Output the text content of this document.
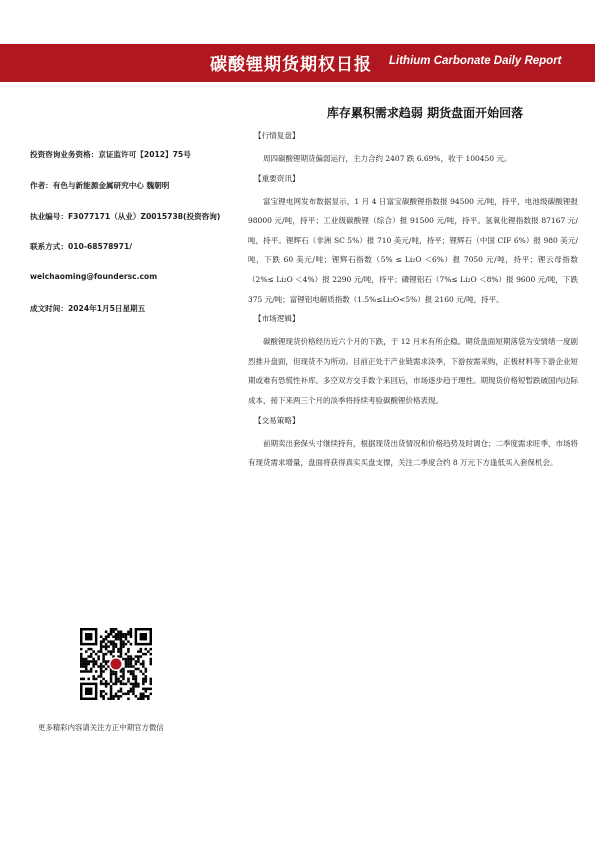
碳酸锂期货期权日报 Lithium Carbonate Daily Report
库存累积需求趋弱 期货盘面开始回落
投资咨询业务资格：京证监许可【2012】75号
作者：有色与新能源金属研究中心 魏朝明
执业编号：F3077171（从业）Z0015738(投资咨询)
联系方式：010-68578971/
weichaoming@foundersc.com
成文时间：2024年1月5日星期五
【行情复盘】

周四碳酸锂期货偏弱运行，主力合约 2407 跌 6.69%，收于 100450 元。

【重要资讯】

富宝锂电网发布数据显示，1 月 4 日富宝碳酸锂指数报 94500 元/吨，持平，电池级碳酸锂报 98000 元/吨，持平；工业级碳酸锂（综合）报 91500 元/吨，持平。氢氧化锂指数报 87167 元/吨，持平。锂辉石（非洲 SC 5%）报 710 美元/吨，持平；锂辉石（中国 CIF 6%）报 980 美元/吨，下跌 60 美元/吨；锂辉石指数（5% ≤ Li₂O ＜6%）报 7050 元/吨，持平；锂云母指数（2%≤ Li₂O ＜4%）报 2290 元/吨，持平；磷锂铝石（7%≤ Li₂O ＜8%）报 9600 元/吨，下跌 375 元/吨；富锂铝电解质指数（1.5%≤Li₂O<5%）报 2160 元/吨，持平。

【市场逻辑】

碳酸锂现货价格经历近六个月的下跌，于 12 月末有所企稳。期货盘面短期落袋为安情绪一度剧烈推升盘面，但现货不为所动。目前正处于产业链需求淡季，下游按需采购，正极材料等下游企业短期或难有恐慌性补库。多空双方交手数个来回后，市场逐步趋于理性。期现货价格短暂跌破国内边际成本，接下来两三个月的淡季将持续考验碳酸锂价格表现。

【交易策略】

前期卖出套保头寸继续持有，根据现货出货情况和价格趋势及时调仓；二季度需求旺季，市场将有现货需求增量，盘面将获得真实买盘支撑，关注二季度合约 8 万元下方逢低买入套保机会。

更多精彩内容请关注方正中期官方微信
